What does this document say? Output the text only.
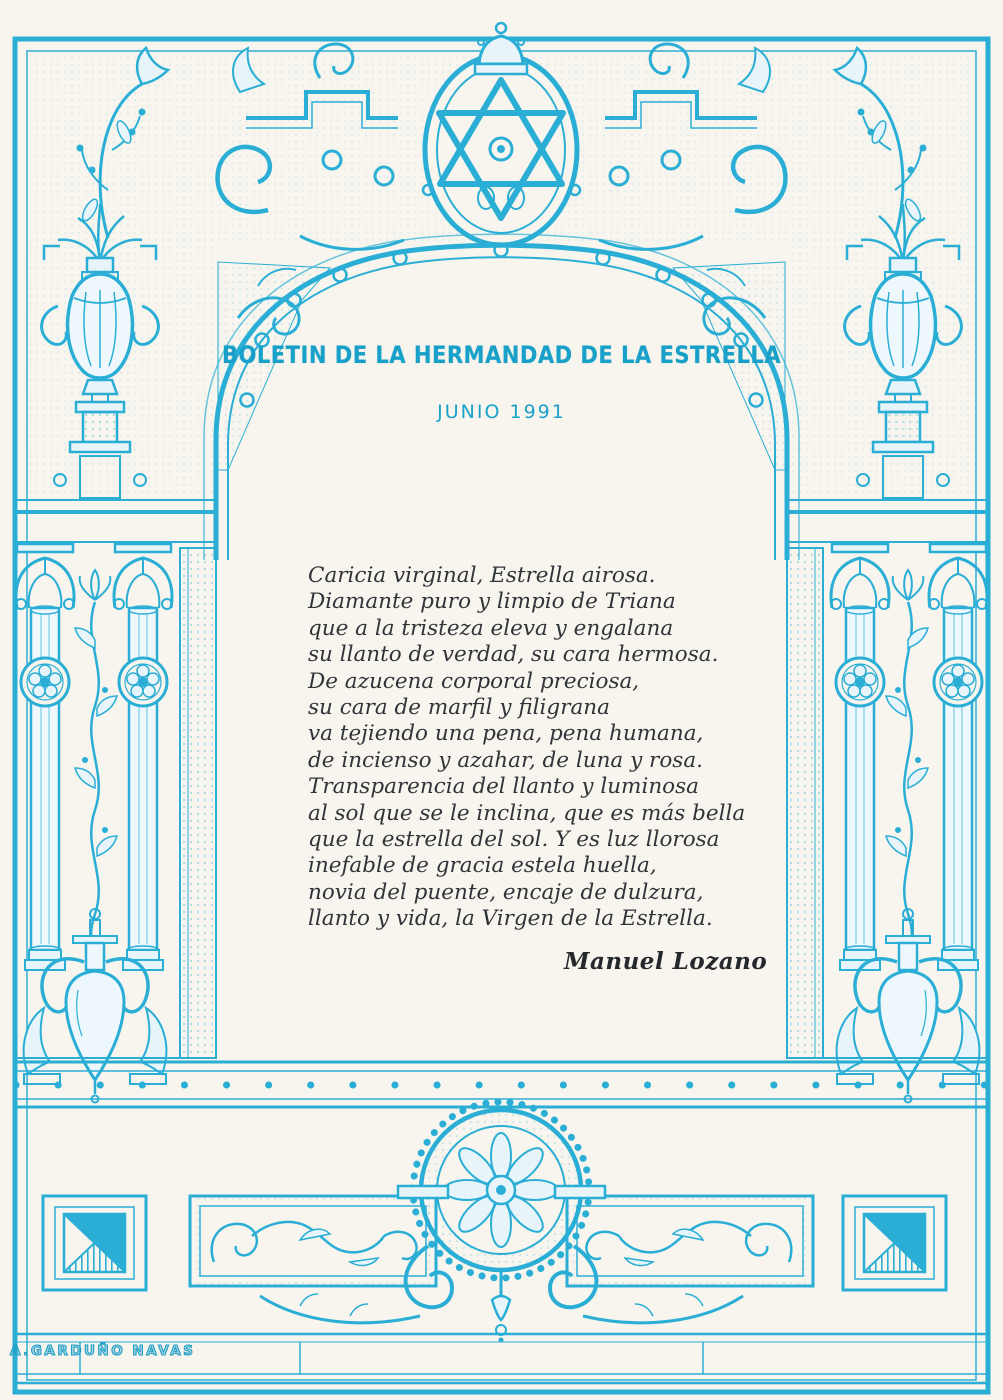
BOLETIN DE LA HERMANDAD DE LA ESTRELLA
JUNIO 1991
Caricia virginal, Estrella airosa.
Diamante puro y limpio de Triana
que a la tristeza eleva y engalana
su llanto de verdad, su cara hermosa.
De azucena corporal preciosa,
su cara de marfil y filigrana
va tejiendo una pena, pena humana,
de incienso y azahar, de luna y rosa.
Transparencia del llanto y luminosa
al sol que se le inclina, que es más bella
que la estrella del sol. Y es luz llorosa
inefable de gracia estela huella,
novia del puente, encaje de dulzura,
llanto y vida, la Virgen de la Estrella.
Manuel Lozano
A.GARDUÑO NAVAS
